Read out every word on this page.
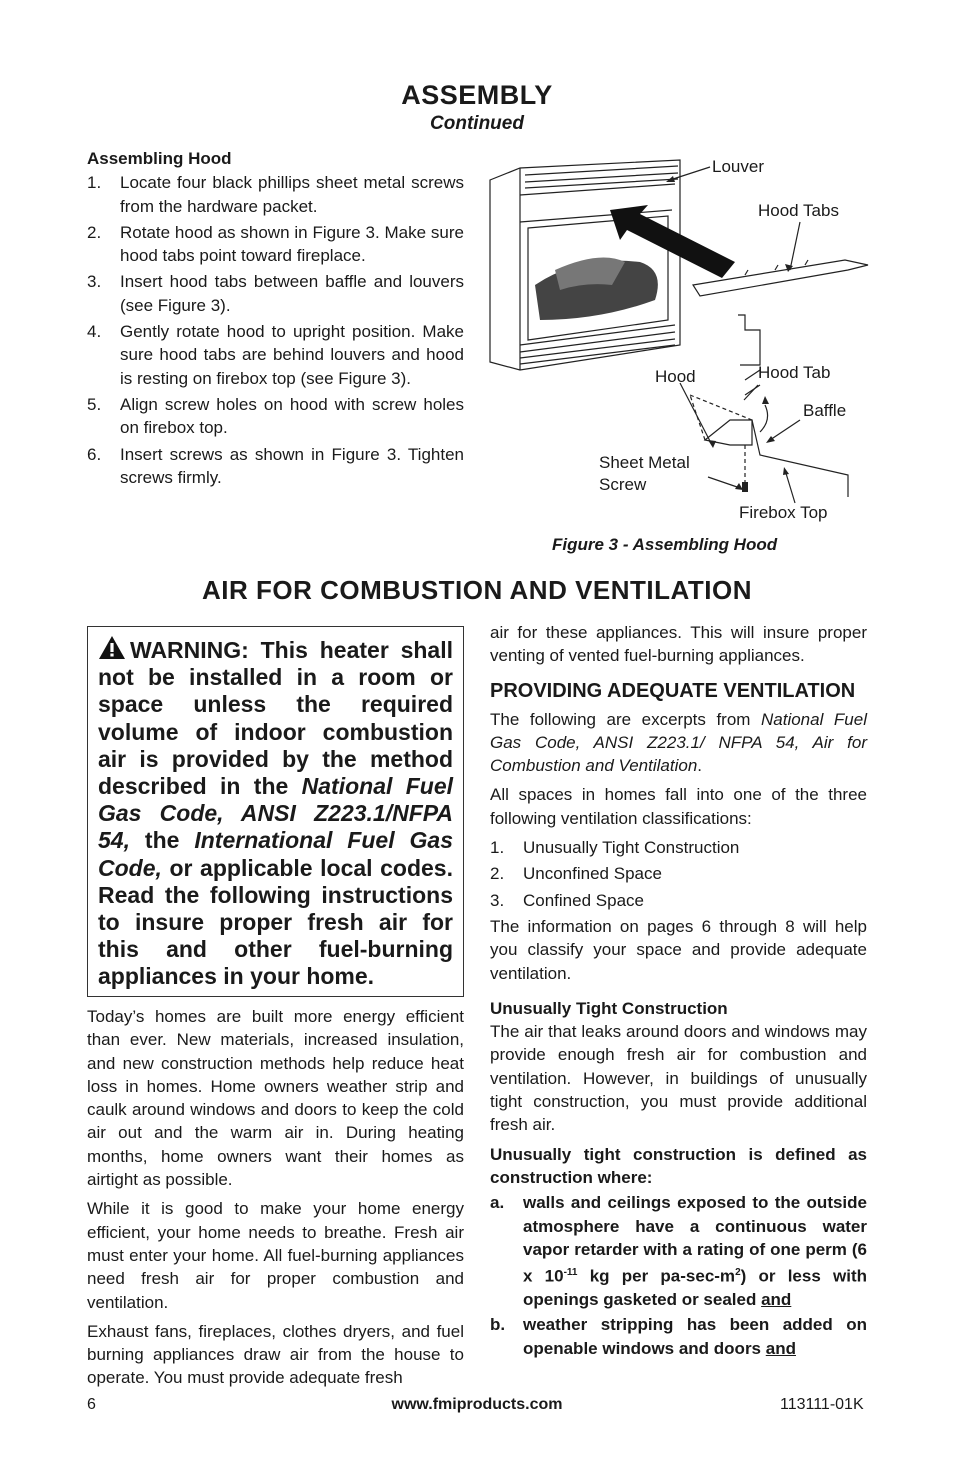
ASSEMBLY
Continued
Assembling Hood
1. Locate four black phillips sheet metal screws from the hardware packet.
2. Rotate hood as shown in Figure 3. Make sure hood tabs point toward fireplace.
3. Insert hood tabs between baffle and louvers (see Figure 3).
4. Gently rotate hood to upright position. Make sure hood tabs are behind louvers and hood is resting on firebox top (see Figure 3).
5. Align screw holes on hood with screw holes on firebox top.
6. Insert screws as shown in Figure 3. Tighten screws firmly.
Louver
Hood Tabs
Hood	Hood Tab
Baffle
Sheet Metal
Screw
Firebox Top
Figure 3 - Assembling Hood
AIR FOR COMBUSTION AND VENTILATION
WARNING: This heater shall not be installed in a room or space unless the required volume of indoor combustion air is provided by the method described in the National Fuel Gas Code, ANSI Z223.1/NFPA 54, the International Fuel Gas Code, or applicable local codes. Read the following instructions to insure proper fresh air for this and other fuel-burning appliances in your home.

Today’s homes are built more energy efficient than ever. New materials, increased insulation, and new construction methods help reduce heat loss in homes. Home owners weather strip and caulk around windows and doors to keep the cold air out and the warm air in. During heating months, home owners want their homes as airtight as possible.

While it is good to make your home energy efficient, your home needs to breathe. Fresh air must enter your home. All fuel-burning appliances need fresh air for proper combustion and ventilation.

Exhaust fans, fireplaces, clothes dryers, and fuel burning appliances draw air from the house to operate. You must provide adequate fresh

air for these appliances. This will insure proper venting of vented fuel-burning appliances.

PROVIDING ADEQUATE VENTILATION

The following are excerpts from National Fuel Gas Code, ANSI Z223.1/ NFPA 54, Air for Combustion and Ventilation.

All spaces in homes fall into one of the three following ventilation classifications:

1. Unusually Tight Construction
2. Unconfined Space
3. Confined Space

The information on pages 6 through 8 will help you classify your space and provide adequate ventilation.

Unusually Tight Construction

The air that leaks around doors and windows may provide enough fresh air for combustion and ventilation. However, in buildings of unusually tight construction, you must provide additional fresh air.

Unusually tight construction is defined as construction where:

a. walls and ceilings exposed to the outside atmosphere have a continuous water vapor retarder with a rating of one perm (6 x $10^{-11}$ kg per $pa-\sec-m^2$) or less with openings gasketed or sealed and
b. weather stripping has been added on openable windows and doors and
6	www.fmiproducts.com	113111-01K
